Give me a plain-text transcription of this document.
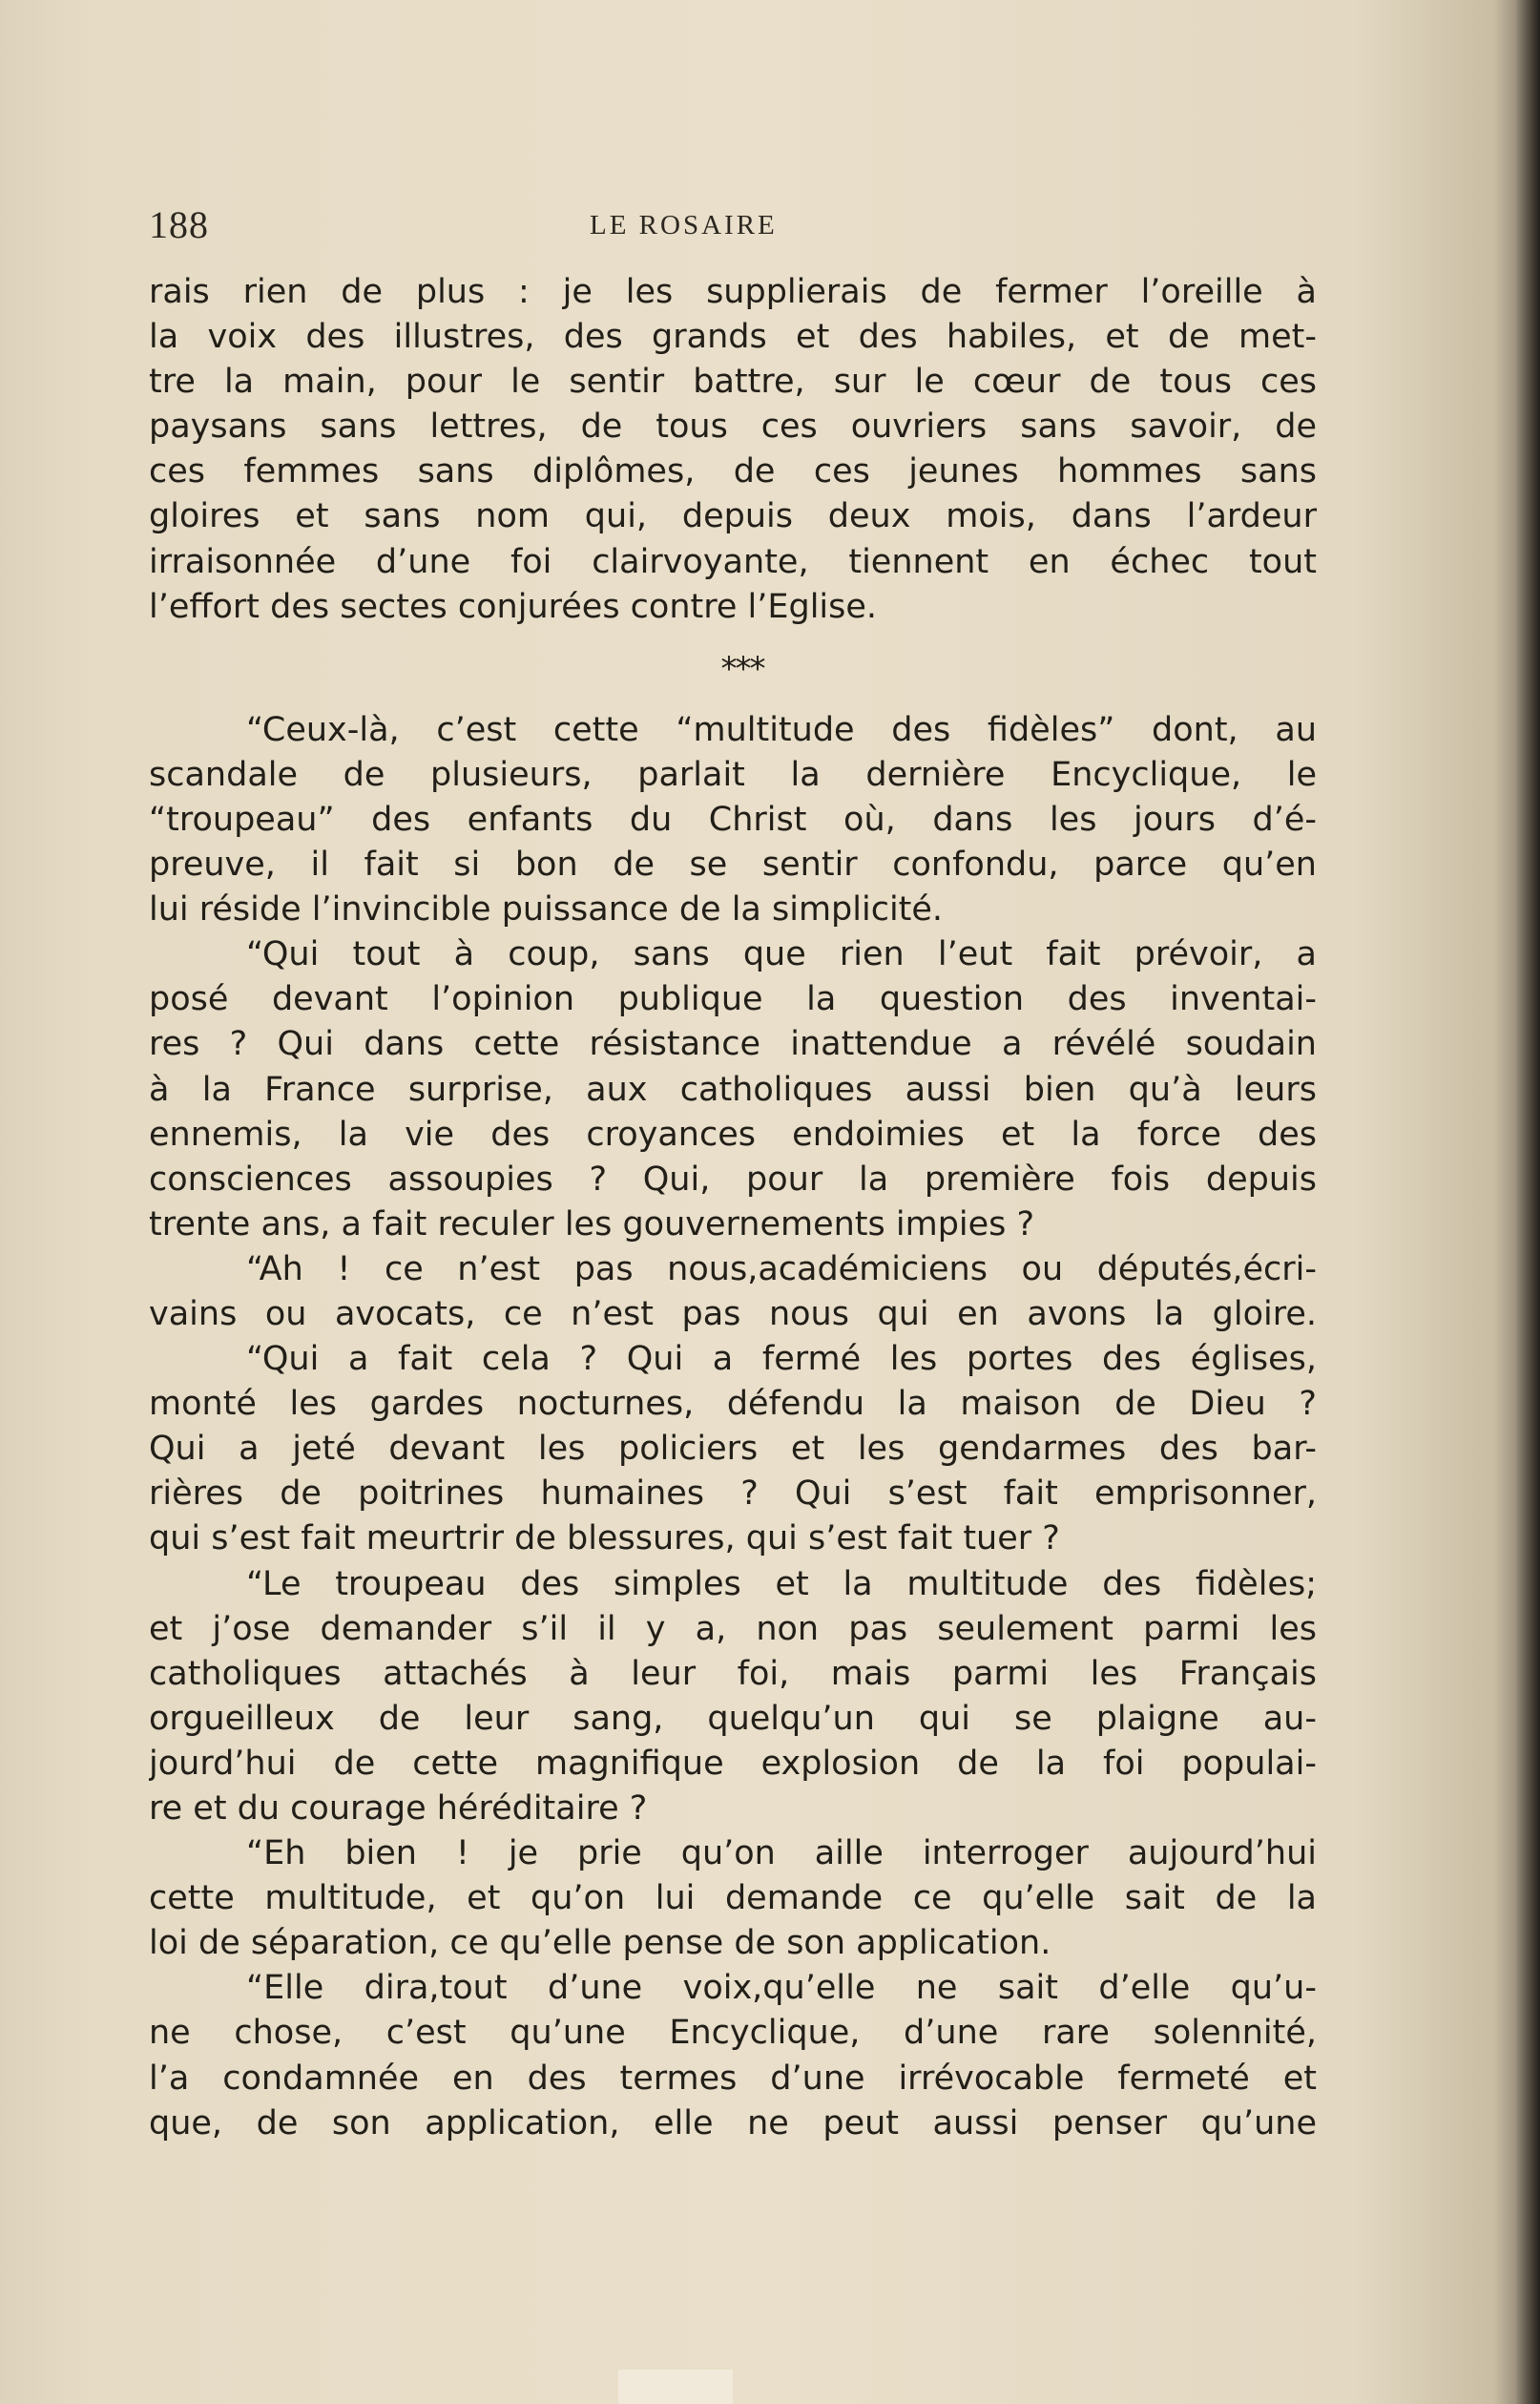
188	LE ROSAIRE
rais rien de plus : je les supplierais de fermer l’oreille à
la voix des illustres, des grands et des habiles, et de met-
tre la main, pour le sentir battre, sur le cœur de tous ces
paysans sans lettres, de tous ces ouvriers sans savoir, de
ces femmes sans diplômes, de ces jeunes hommes sans
gloires et sans nom qui, depuis deux mois, dans l’ardeur
irraisonnée d’une foi clairvoyante, tiennent en échec tout
l’effort des sectes conjurées contre l’Eglise.
***
“Ceux-là, c’est cette “multitude des fidèles” dont, au
scandale de plusieurs, parlait la dernière Encyclique, le
“troupeau” des enfants du Christ où, dans les jours d’é-
preuve, il fait si bon de se sentir confondu, parce qu’en
lui réside l’invincible puissance de la simplicité.
“Qui tout à coup, sans que rien l’eut fait prévoir, a
posé devant l’opinion publique la question des inventai-
res ? Qui dans cette résistance inattendue a révélé soudain
à la France surprise, aux catholiques aussi bien qu’à leurs
ennemis, la vie des croyances endoimies et la force des
consciences assoupies ? Qui, pour la première fois depuis
trente ans, a fait reculer les gouvernements impies ?
“Ah ! ce n’est pas nous,académiciens ou députés,écri-
vains ou avocats, ce n’est pas nous qui en avons la gloire.
“Qui a fait cela ? Qui a fermé les portes des églises,
monté les gardes nocturnes, défendu la maison de Dieu ?
Qui a jeté devant les policiers et les gendarmes des bar-
rières de poitrines humaines ? Qui s’est fait emprisonner,
qui s’est fait meurtrir de blessures, qui s’est fait tuer ?
“Le troupeau des simples et la multitude des fidèles;
et j’ose demander s’il il y a, non pas seulement parmi les
catholiques attachés à leur foi, mais parmi les Français
orgueilleux de leur sang, quelqu’un qui se plaigne au-
jourd’hui de cette magnifique explosion de la foi populai-
re et du courage héréditaire ?
“Eh bien ! je prie qu’on aille interroger aujourd’hui
cette multitude, et qu’on lui demande ce qu’elle sait de la
loi de séparation, ce qu’elle pense de son application.
“Elle dira,tout d’une voix,qu’elle ne sait d’elle qu’u-
ne chose, c’est qu’une Encyclique, d’une rare solennité,
l’a condamnée en des termes d’une irrévocable fermeté et
que, de son application, elle ne peut aussi penser qu’une
